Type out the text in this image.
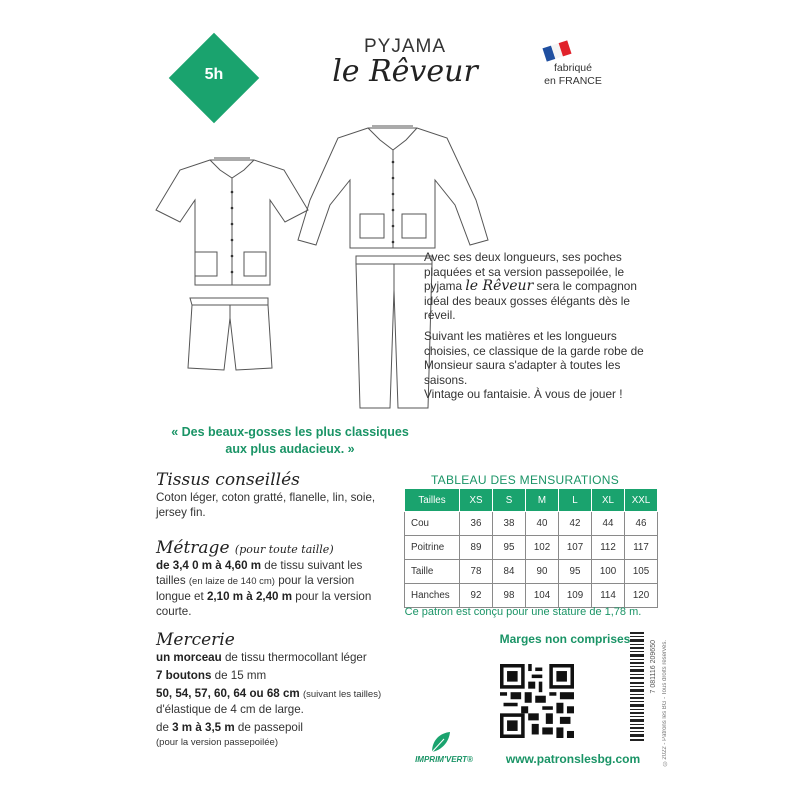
5h
PYJAMA
le Rêveur	fabriqué
en FRANCE

Avec ses deux longueurs, ses poches plaquées et sa version passepoilée, le pyjama le Rêveur sera le compagnon idéal des beaux gosses élégants dès le réveil.

Suivant les matières et les longueurs choisies, ce classique de la garde robe de Monsieur saura s'adapter à toutes les saisons.

Vintage ou fantaisie. À vous de jouer !

« Des beaux-gosses les plus classiques
aux plus audacieux. »
Tissus conseillés
Coton léger, coton gratté, flanelle, lin, soie, jersey fin.
Métrage (pour toute taille)
de 3,4 0 m à 4,60 m de tissu suivant les tailles (en laize de 140 cm) pour la version longue et 2,10 m à 2,40 m pour la version courte.
Mercerie
un morceau de tissu thermocollant léger
7 boutons de 15 mm
50, 54, 57, 60, 64 ou 68 cm (suivant les tailles) d'élastique de 4 cm de large.
de 3 m à 3,5 m de passepoil
(pour la version passepoilée)
TABLEAU DES MENSURATIONS
Tailles	XS	S	M	L	XL	XXL
Cou	36	38	40	42	44	46
Poitrine	89	95	102	107	112	117
Taille	78	84	90	95	100	105
Hanches	92	98	104	109	114	120
Ce patron est conçu pour une stature de 1,78 m.
Marges non comprises
7 081116 209650 ©2022 - Patrons les BG - Tous droits réservés.
IMPRIM'VERT®	www.patronslesbg.com
